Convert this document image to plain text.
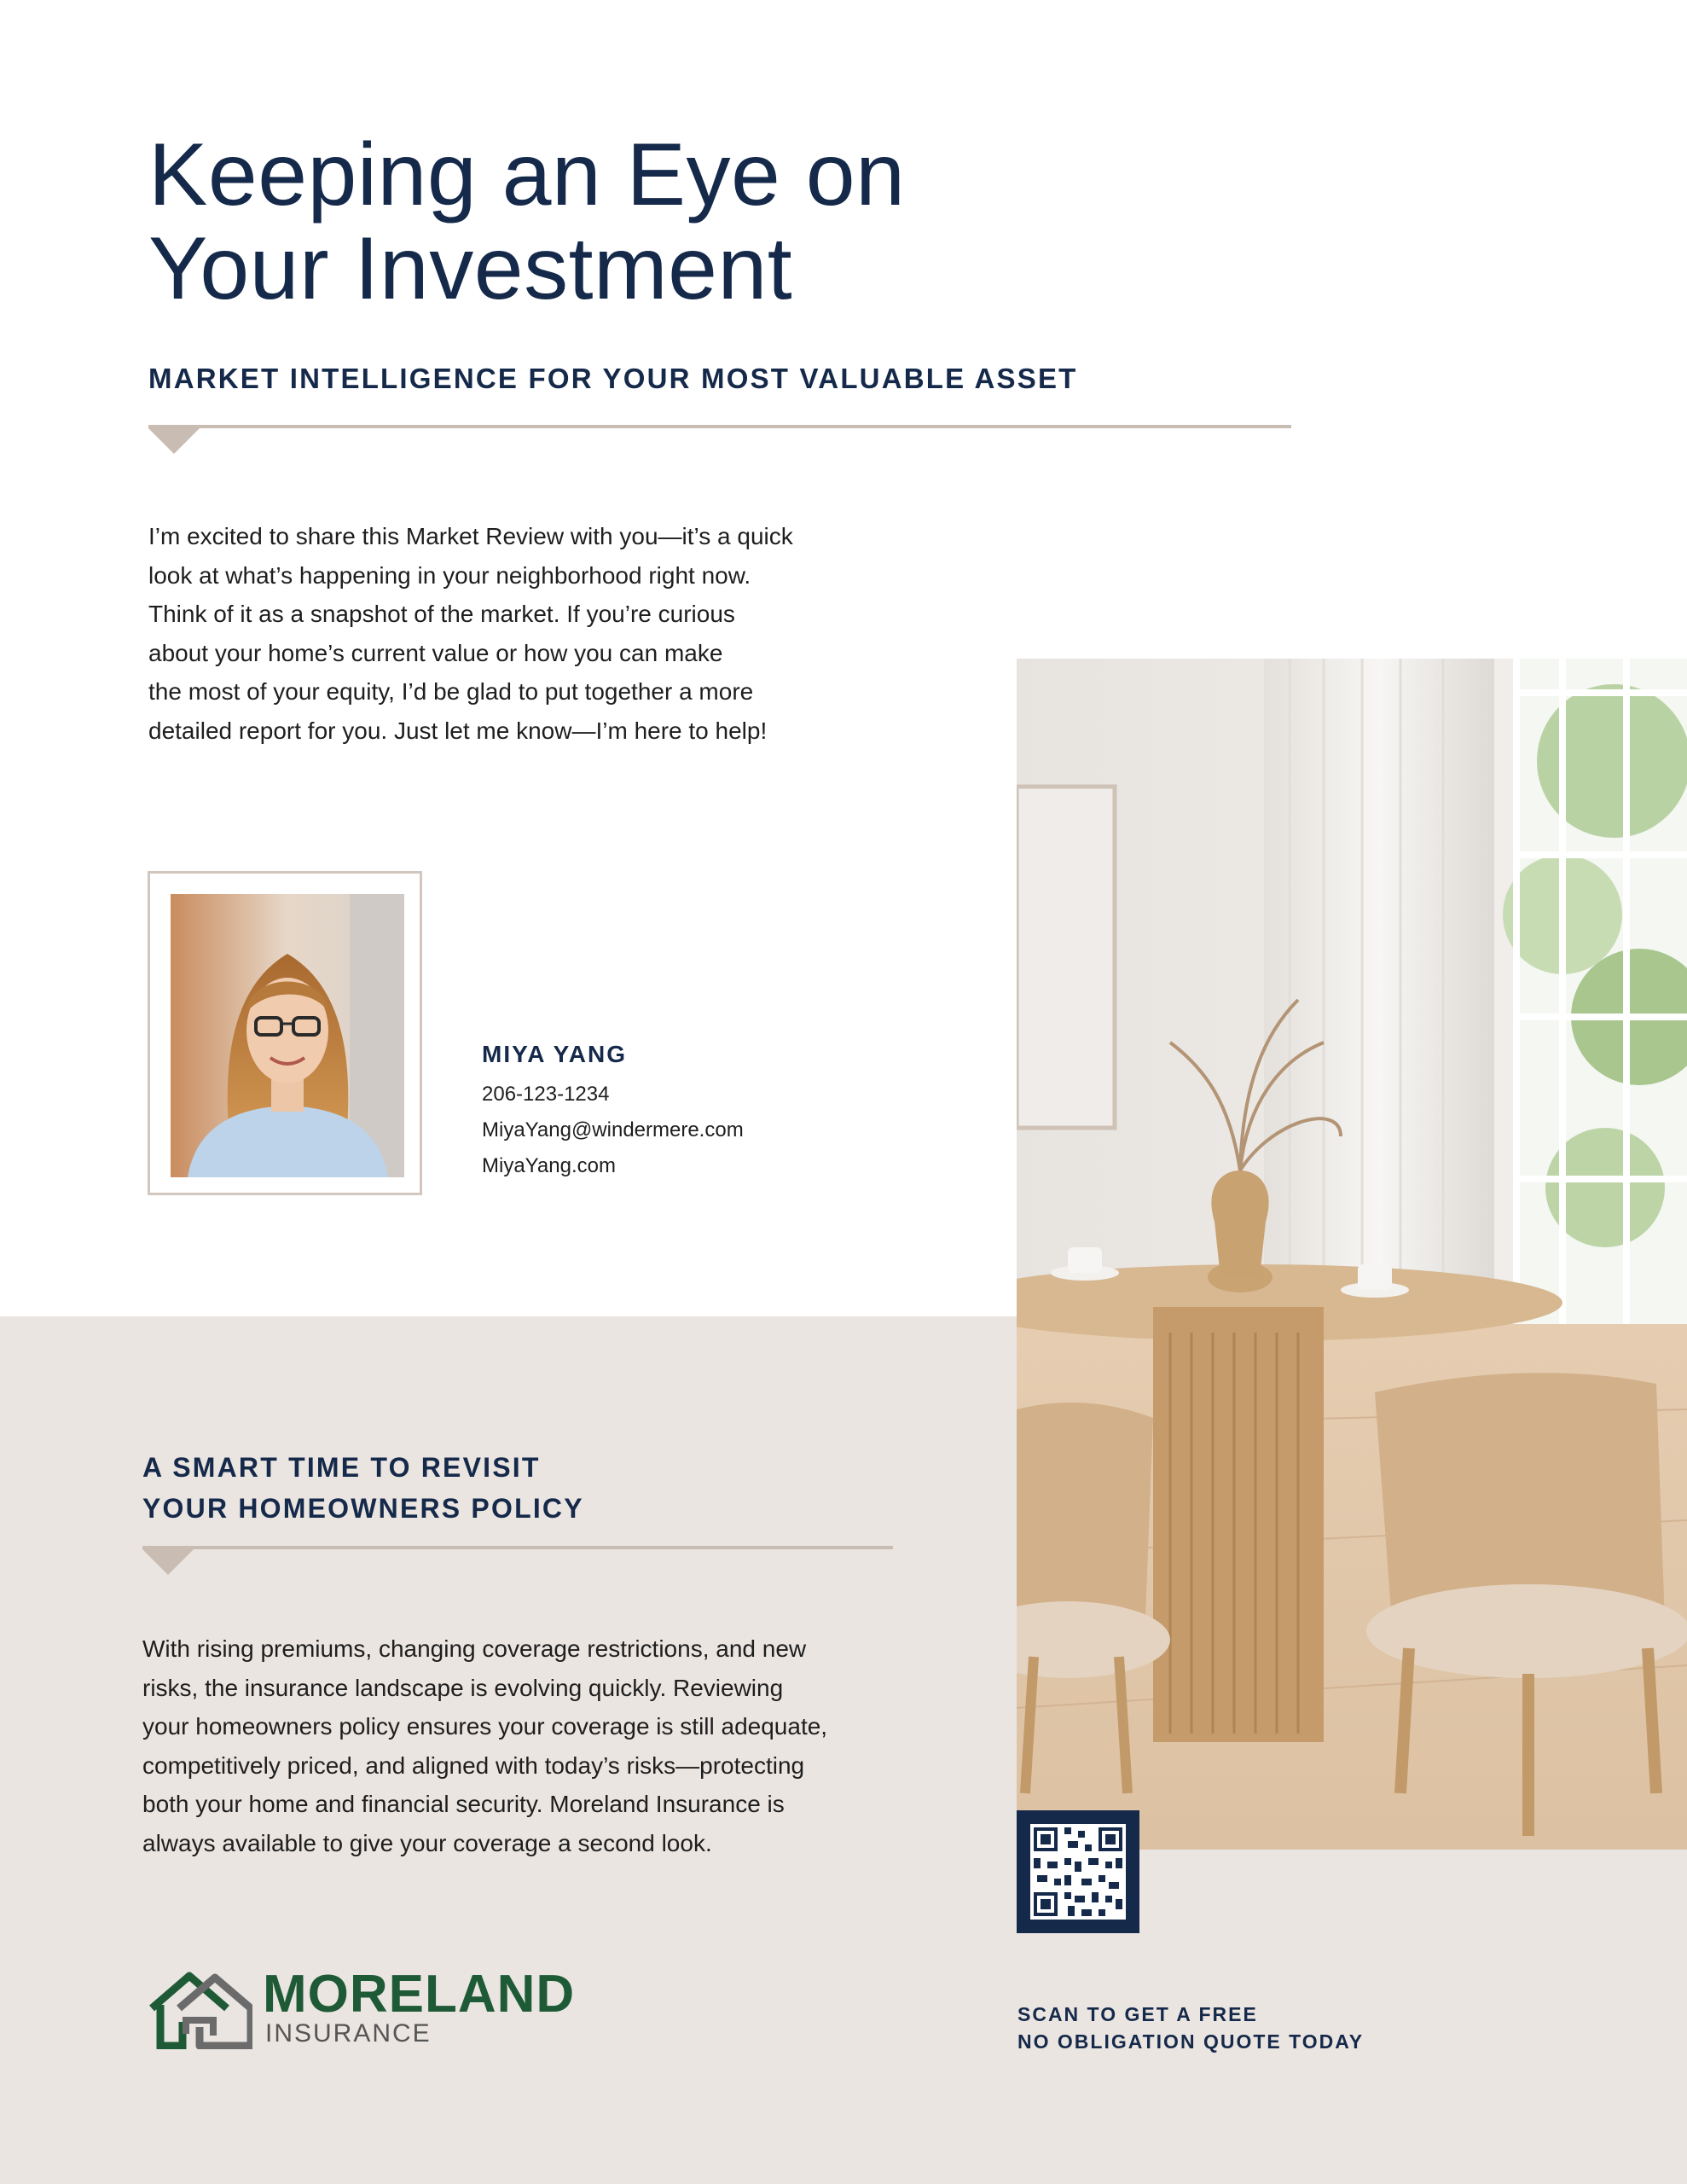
Keeping an Eye on
Your Investment
MARKET INTELLIGENCE FOR YOUR MOST VALUABLE ASSET

I’m excited to share this Market Review with you—it’s a quick
look at what’s happening in your neighborhood right now.
Think of it as a snapshot of the market. If you’re curious
about your home’s current value or how you can make
the most of your equity, I’d be glad to put together a more
detailed report for you. Just let me know—I’m here to help!

MIYA YANG

206-123-1234
MiyaYang@windermere.com
MiyaYang.com
A SMART TIME TO REVISIT
YOUR HOMEOWNERS POLICY

With rising premiums, changing coverage restrictions, and new
risks, the insurance landscape is evolving quickly. Reviewing
your homeowners policy ensures your coverage is still adequate,
competitively priced, and aligned with today’s risks—protecting
both your home and financial security. Moreland Insurance is
always available to give your coverage a second look.

MORELAND
INSURANCE

SCAN TO GET A FREE
NO OBLIGATION QUOTE TODAY
